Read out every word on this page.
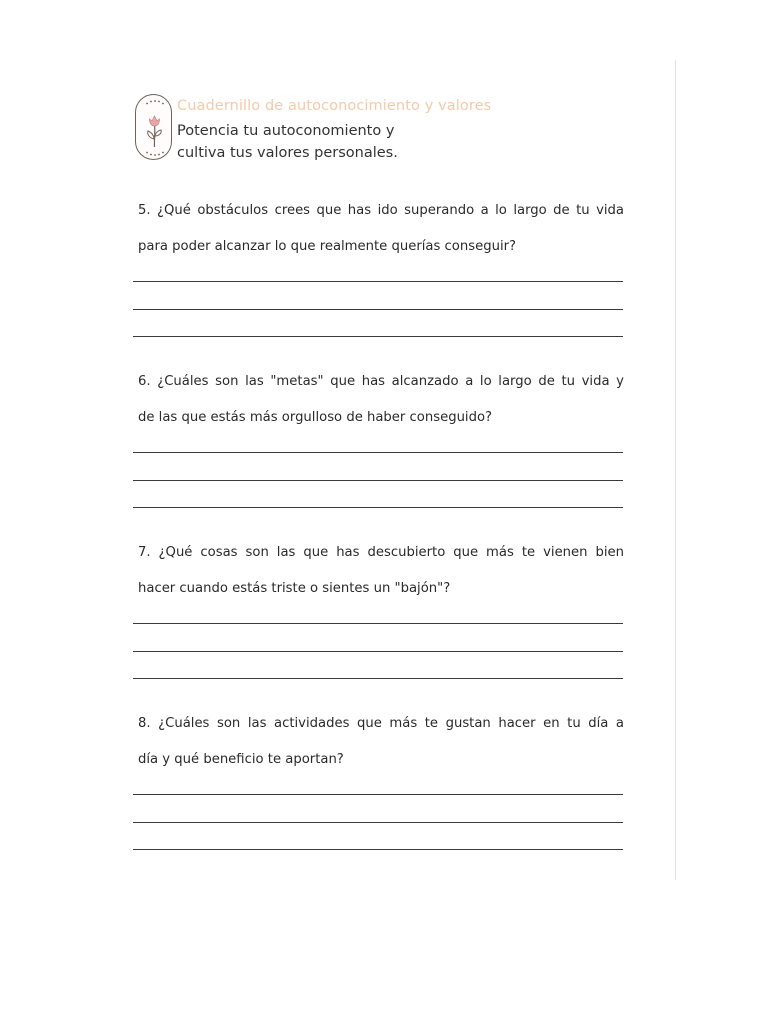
Cuadernillo de autoconocimiento y valores
Potencia tu autoconomiento y
cultiva tus valores personales.
5. ¿Qué obstáculos crees que has ido superando a lo largo de tu vida
para poder alcanzar lo que realmente querías conseguir?
6. ¿Cuáles son las "metas" que has alcanzado a lo largo de tu vida y
de las que estás más orgulloso de haber conseguido?
7. ¿Qué cosas son las que has descubierto que más te vienen bien
hacer cuando estás triste o sientes un "bajón"?
8. ¿Cuáles son las actividades que más te gustan hacer en tu día a
día y qué beneficio te aportan?
